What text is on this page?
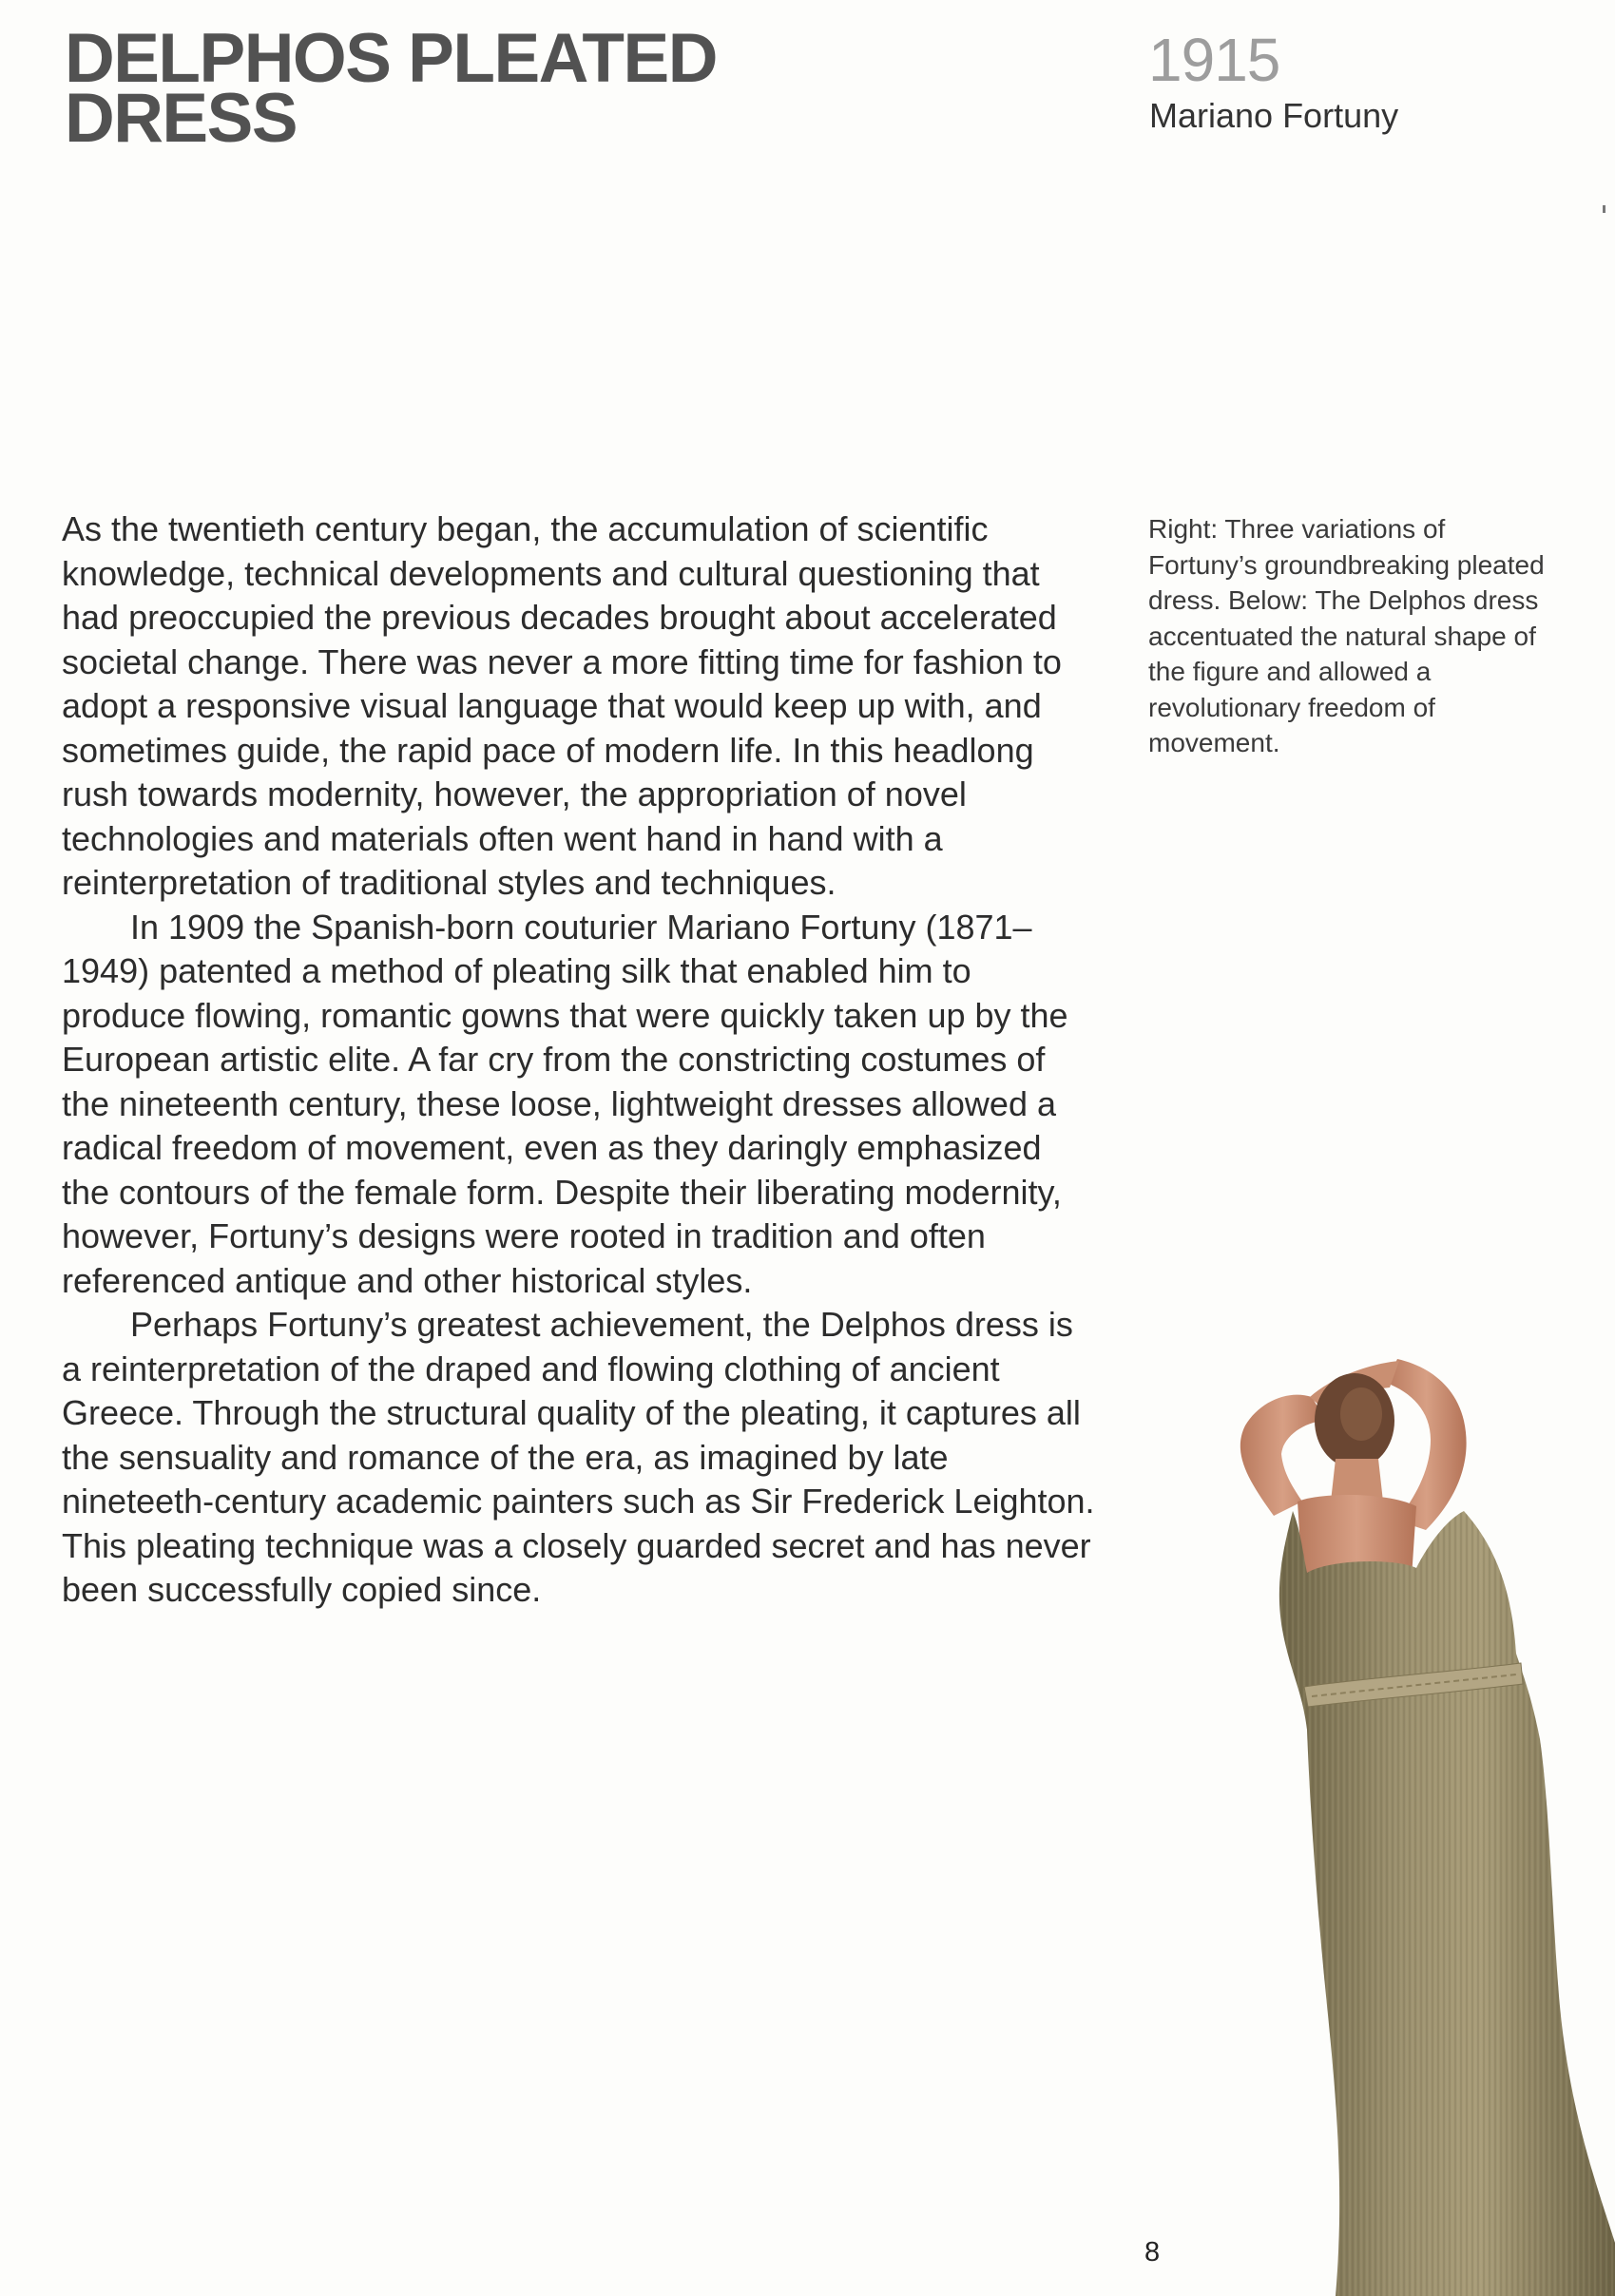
DELPHOS PLEATED
DRESS
1915
Mariano Fortuny

As the twentieth century began, the accumulation of scientific knowledge, technical developments and cultural questioning that had preoccupied the previous decades brought about accelerated societal change. There was never a more fitting time for fashion to adopt a responsive visual language that would keep up with, and sometimes guide, the rapid pace of modern life. In this headlong rush towards modernity, however, the appropriation of novel technologies and materials often went hand in hand with a reinterpretation of traditional styles and techniques.

In 1909 the Spanish-born couturier Mariano Fortuny (1871–1949) patented a method of pleating silk that enabled him to produce flowing, romantic gowns that were quickly taken up by the European artistic elite. A far cry from the constricting costumes of the nineteenth century, these loose, lightweight dresses allowed a radical freedom of movement, even as they daringly emphasized the contours of the female form. Despite their liberating modernity, however, Fortuny’s designs were rooted in tradition and often referenced antique and other historical styles.

Perhaps Fortuny’s greatest achievement, the Delphos dress is a reinterpretation of the draped and flowing clothing of ancient Greece. Through the structural quality of the pleating, it captures all the sensuality and romance of the era, as imagined by late nineteeth-century academic painters such as Sir Frederick Leighton. This pleating technique was a closely guarded secret and has never been successfully copied since.

Right: Three variations of Fortuny’s groundbreaking pleated dress. Below: The Delphos dress accentuated the natural shape of the figure and allowed a revolutionary freedom of movement.
8
